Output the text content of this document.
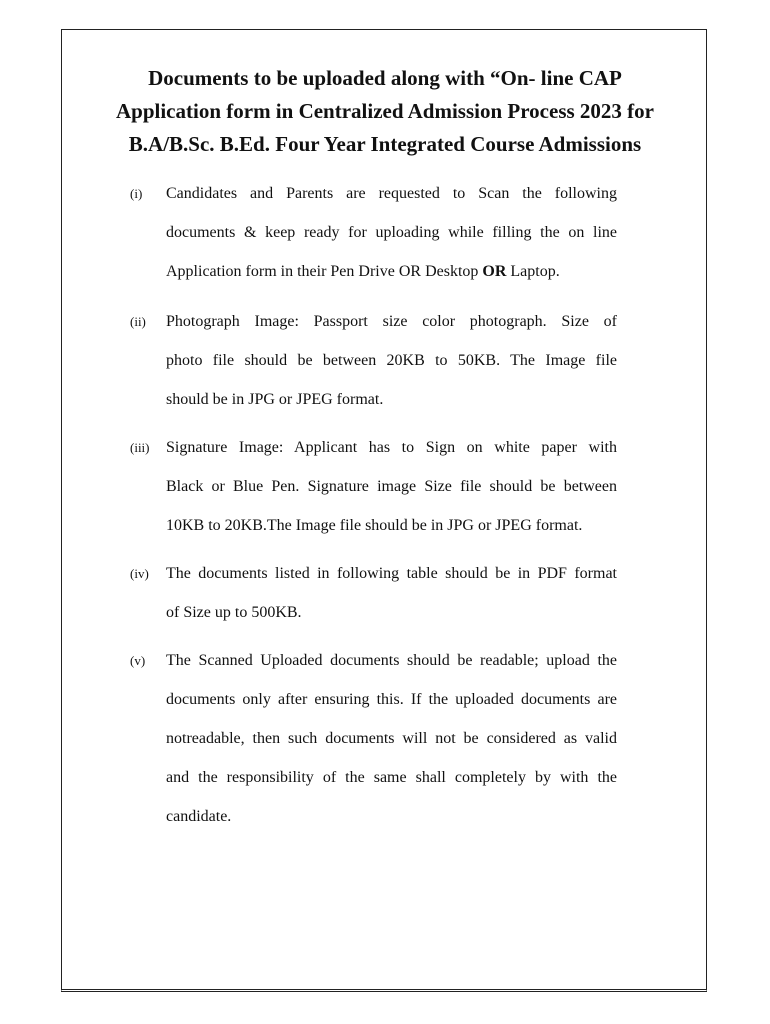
Documents to be uploaded along with “On- line CAP
Application form in Centralized Admission Process 2023 for
B.A/B.Sc. B.Ed. Four Year Integrated Course Admissions
(i) Candidates and Parents are requested to Scan the following
documents & keep ready for uploading while filling the on line
Application form in their Pen Drive OR Desktop OR Laptop.

(ii) Photograph Image: Passport size color photograph. Size of
photo file should be between 20KB to 50KB. The Image file
should be in JPG or JPEG format.

(iii) Signature Image: Applicant has to Sign on white paper with
Black or Blue Pen. Signature image Size file should be between
10KB to 20KB.The Image file should be in JPG or JPEG format.

(iv) The documents listed in following table should be in PDF format
of Size up to 500KB.

(v) The Scanned Uploaded documents should be readable; upload the
documents only after ensuring this. If the uploaded documents are
notreadable, then such documents will not be considered as valid
and the responsibility of the same shall completely by with the
candidate.
